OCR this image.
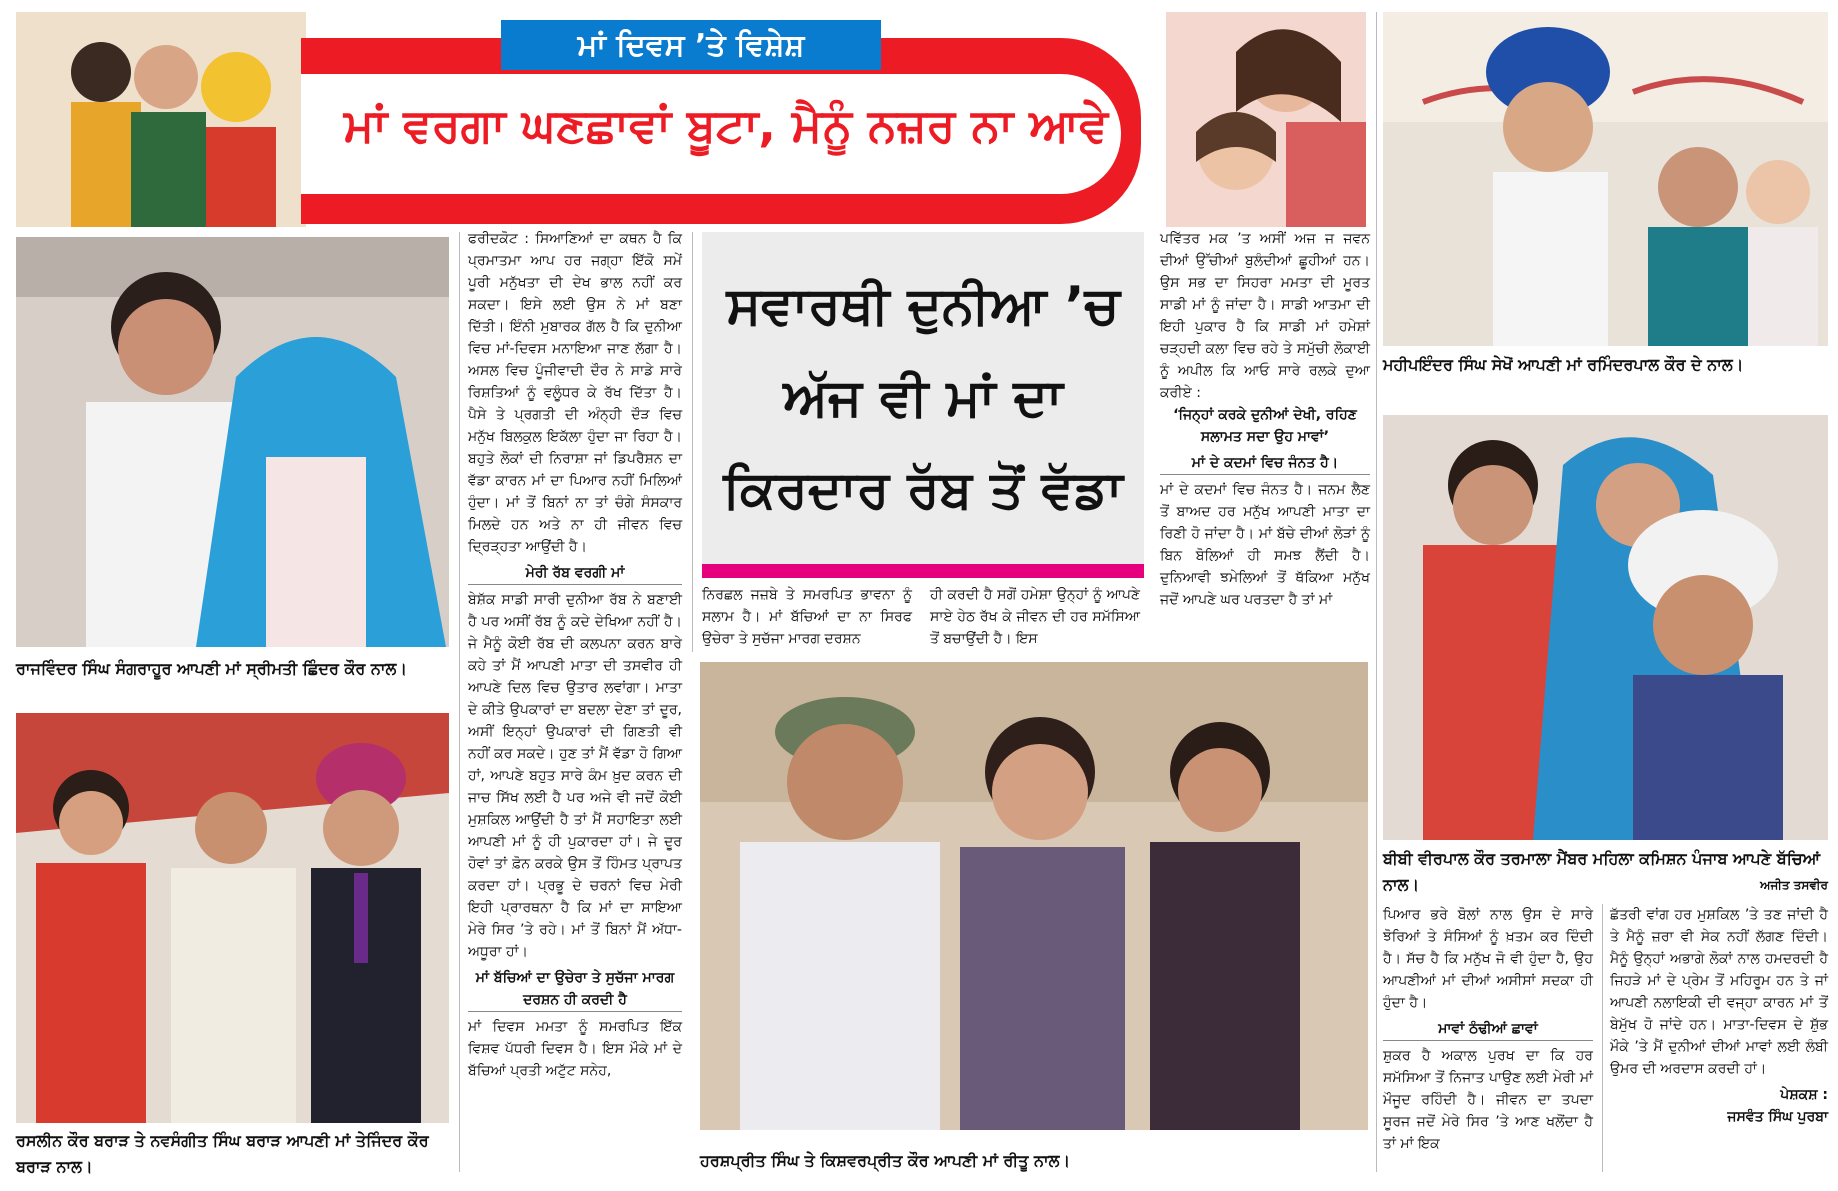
ਮਾਂ ਦਿਵਸ ’ਤੇ ਵਿਸ਼ੇਸ਼
ਮਾਂ ਵਰਗਾ ਘਣਛਾਵਾਂ ਬੂਟਾ, ਮੈਨੂੰ ਨਜ਼ਰ ਨਾ ਆਵੇ
ਮਹੀਪਇੰਦਰ ਸਿੰਘ ਸੇਖੋਂ ਆਪਣੀ ਮਾਂ ਰਮਿੰਦਰਪਾਲ ਕੌਰ ਦੇ ਨਾਲ।
ਰਾਜਵਿੰਦਰ ਸਿੰਘ ਸੰਗਰਾਹੂਰ ਆਪਣੀ ਮਾਂ ਸ੍ਰੀਮਤੀ ਛਿੰਦਰ ਕੌਰ ਨਾਲ।
ਰਸਲੀਨ ਕੌਰ ਬਰਾੜ ਤੇ ਨਵਸੰਗੀਤ ਸਿੰਘ ਬਰਾੜ ਆਪਣੀ ਮਾਂ ਤੇਜਿੰਦਰ ਕੌਰ ਬਰਾੜ ਨਾਲ।

ਫਰੀਦਕੋਟ : ਸਿਆਣਿਆਂ ਦਾ ਕਥਨ ਹੈ ਕਿ ਪ੍ਰਮਾਤਮਾ ਆਪ ਹਰ ਜਗ੍ਹਾ ਇੱਕੋ ਸਮੇਂ ਪੂਰੀ ਮਨੁੱਖਤਾ ਦੀ ਦੇਖ ਭਾਲ ਨਹੀਂ ਕਰ ਸਕਦਾ। ਇਸੇ ਲਈ ਉਸ ਨੇ ਮਾਂ ਬਣਾ ਦਿੱਤੀ। ਇੰਨੀ ਮੁਬਾਰਕ ਗੱਲ ਹੈ ਕਿ ਦੁਨੀਆ ਵਿਚ ਮਾਂ-ਦਿਵਸ ਮਨਾਇਆ ਜਾਣ ਲੱਗਾ ਹੈ। ਅਸਲ ਵਿਚ ਪੂੰਜੀਵਾਦੀ ਦੌਰ ਨੇ ਸਾਡੇ ਸਾਰੇ ਰਿਸ਼ਤਿਆਂ ਨੂੰ ਵਲੂੰਧਰ ਕੇ ਰੱਖ ਦਿੱਤਾ ਹੈ। ਪੈਸੇ ਤੇ ਪ੍ਰਗਤੀ ਦੀ ਅੰਨ੍ਹੀ ਦੌੜ ਵਿਚ ਮਨੁੱਖ ਬਿਲਕੁਲ ਇਕੱਲਾ ਹੁੰਦਾ ਜਾ ਰਿਹਾ ਹੈ। ਬਹੁਤੇ ਲੋਕਾਂ ਦੀ ਨਿਰਾਸ਼ਾ ਜਾਂ ਡਿਪਰੈਸ਼ਨ ਦਾ ਵੱਡਾ ਕਾਰਨ ਮਾਂ ਦਾ ਪਿਆਰ ਨਹੀਂ ਮਿਲਿਆਂ ਹੁੰਦਾ। ਮਾਂ ਤੋਂ ਬਿਨਾਂ ਨਾ ਤਾਂ ਚੰਗੇ ਸੰਸਕਾਰ ਮਿਲਦੇ ਹਨ ਅਤੇ ਨਾ ਹੀ ਜੀਵਨ ਵਿਚ ਦ੍ਰਿੜ੍ਹਤਾ ਆਉਂਦੀ ਹੈ।

ਮੇਰੀ ਰੱਬ ਵਰਗੀ ਮਾਂ

ਬੇਸ਼ੱਕ ਸਾਡੀ ਸਾਰੀ ਦੁਨੀਆ ਰੱਬ ਨੇ ਬਣਾਈ ਹੈ ਪਰ ਅਸੀਂ ਰੱਬ ਨੂੰ ਕਦੇ ਦੇਖਿਆ ਨਹੀਂ ਹੈ। ਜੇ ਮੈਨੂੰ ਕੋਈ ਰੱਬ ਦੀ ਕਲਪਨਾ ਕਰਨ ਬਾਰੇ ਕਹੇ ਤਾਂ ਮੈਂ ਆਪਣੀ ਮਾਤਾ ਦੀ ਤਸਵੀਰ ਹੀ ਆਪਣੇ ਦਿਲ ਵਿਚ ਉਤਾਰ ਲਵਾਂਗਾ। ਮਾਤਾ ਦੇ ਕੀਤੇ ਉਪਕਾਰਾਂ ਦਾ ਬਦਲਾ ਦੇਣਾ ਤਾਂ ਦੂਰ, ਅਸੀਂ ਇਨ੍ਹਾਂ ਉਪਕਾਰਾਂ ਦੀ ਗਿਣਤੀ ਵੀ ਨਹੀਂ ਕਰ ਸਕਦੇ। ਹੁਣ ਤਾਂ ਮੈਂ ਵੱਡਾ ਹੋ ਗਿਆ ਹਾਂ, ਆਪਣੇ ਬਹੁਤ ਸਾਰੇ ਕੰਮ ਖ਼ੁਦ ਕਰਨ ਦੀ ਜਾਚ ਸਿੱਖ ਲਈ ਹੈ ਪਰ ਅਜੇ ਵੀ ਜਦੋਂ ਕੋਈ ਮੁਸ਼ਕਿਲ ਆਉਂਦੀ ਹੈ ਤਾਂ ਮੈਂ ਸਹਾਇਤਾ ਲਈ ਆਪਣੀ ਮਾਂ ਨੂੰ ਹੀ ਪੁਕਾਰਦਾ ਹਾਂ। ਜੇ ਦੂਰ ਹੋਵਾਂ ਤਾਂ ਫ਼ੋਨ ਕਰਕੇ ਉਸ ਤੋਂ ਹਿੰਮਤ ਪ੍ਰਾਪਤ ਕਰਦਾ ਹਾਂ। ਪ੍ਰਭੂ ਦੇ ਚਰਨਾਂ ਵਿਚ ਮੇਰੀ ਇਹੀ ਪ੍ਰਾਰਥਨਾ ਹੈ ਕਿ ਮਾਂ ਦਾ ਸਾਇਆ ਮੇਰੇ ਸਿਰ ’ਤੇ ਰਹੇ। ਮਾਂ ਤੋਂ ਬਿਨਾਂ ਮੈਂ ਅੱਧਾ-ਅਧੂਰਾ ਹਾਂ।

ਮਾਂ ਬੱਚਿਆਂ ਦਾ ਉਚੇਰਾ ਤੇ ਸੁਚੱਜਾ ਮਾਰਗ ਦਰਸ਼ਨ ਹੀ ਕਰਦੀ ਹੈ

ਮਾਂ ਦਿਵਸ ਮਮਤਾ ਨੂੰ ਸਮਰਪਿਤ ਇੱਕ ਵਿਸ਼ਵ ਪੱਧਰੀ ਦਿਵਸ ਹੈ। ਇਸ ਮੌਕੇ ਮਾਂ ਦੇ ਬੱਚਿਆਂ ਪ੍ਰਤੀ ਅਟੁੱਟ ਸਨੇਹ,

ਸਵਾਰਥੀ ਦੁਨੀਆ ’ਚ
ਅੱਜ ਵੀ ਮਾਂ ਦਾ
ਕਿਰਦਾਰ ਰੱਬ ਤੋਂ ਵੱਡਾ
ਨਿਰਛਲ ਜਜ਼ਬੇ ਤੇ ਸਮਰਪਿਤ ਭਾਵਨਾ ਨੂੰ ਸਲਾਮ ਹੈ। ਮਾਂ ਬੱਚਿਆਂ ਦਾ ਨਾ ਸਿਰਫ ਉਚੇਰਾ ਤੇ ਸੁਚੱਜਾ ਮਾਰਗ ਦਰਸ਼ਨ
ਹੀ ਕਰਦੀ ਹੈ ਸਗੋਂ ਹਮੇਸ਼ਾ ਉਨ੍ਹਾਂ ਨੂੰ ਆਪਣੇ ਸਾਏ ਹੇਠ ਰੱਖ ਕੇ ਜੀਵਨ ਦੀ ਹਰ ਸਮੱਸਿਆ ਤੋਂ ਬਚਾਉਂਦੀ ਹੈ। ਇਸ

ਪਵਿੱਤਰ ਮਕ ’ਤ ਅਸੀਂ ਅਜ ਜ ਜਵਨ ਦੀਆਂ ਉੱਚੀਆਂ ਬੁਲੰਦੀਆਂ ਛੂਹੀਆਂ ਹਨ। ਉਸ ਸਭ ਦਾ ਸਿਹਰਾ ਮਮਤਾ ਦੀ ਮੂਰਤ ਸਾਡੀ ਮਾਂ ਨੂੰ ਜਾਂਦਾ ਹੈ। ਸਾਡੀ ਆਤਮਾ ਦੀ ਇਹੀ ਪੁਕਾਰ ਹੈ ਕਿ ਸਾਡੀ ਮਾਂ ਹਮੇਸ਼ਾਂ ਚੜ੍ਹਦੀ ਕਲਾ ਵਿਚ ਰਹੇ ਤੇ ਸਮੁੱਚੀ ਲੋਕਾਈ ਨੂੰ ਅਪੀਲ ਕਿ ਆਓ ਸਾਰੇ ਰਲਕੇ ਦੁਆ ਕਰੀਏ :

‘ਜਿਨ੍ਹਾਂ ਕਰਕੇ ਦੁਨੀਆਂ ਦੇਖੀ, ਰਹਿਣ ਸਲਾਮਤ ਸਦਾ ਉਹ ਮਾਵਾਂ’

ਮਾਂ ਦੇ ਕਦਮਾਂ ਵਿਚ ਜੰਨਤ ਹੈ।

ਮਾਂ ਦੇ ਕਦਮਾਂ ਵਿਚ ਜੰਨਤ ਹੈ। ਜਨਮ ਲੈਣ ਤੋਂ ਬਾਅਦ ਹਰ ਮਨੁੱਖ ਆਪਣੀ ਮਾਤਾ ਦਾ ਰਿਣੀ ਹੋ ਜਾਂਦਾ ਹੈ। ਮਾਂ ਬੱਚੇ ਦੀਆਂ ਲੋੜਾਂ ਨੂੰ ਬਿਨ ਬੋਲਿਆਂ ਹੀ ਸਮਝ ਲੈਂਦੀ ਹੈ। ਦੁਨਿਆਵੀ ਝਮੇਲਿਆਂ ਤੋਂ ਥੱਕਿਆ ਮਨੁੱਖ ਜਦੋਂ ਆਪਣੇ ਘਰ ਪਰਤਦਾ ਹੈ ਤਾਂ ਮਾਂ

ਹਰਸ਼ਪ੍ਰੀਤ ਸਿੰਘ ਤੇ ਕਿਸ਼ਵਰਪ੍ਰੀਤ ਕੌਰ ਆਪਣੀ ਮਾਂ ਰੀਤੂ ਨਾਲ।
ਬੀਬੀ ਵੀਰਪਾਲ ਕੌਰ ਤਰਮਾਲਾ ਮੈਂਬਰ ਮਹਿਲਾ ਕਮਿਸ਼ਨ ਪੰਜਾਬ ਆਪਣੇ ਬੱਚਿਆਂ ਨਾਲ।	ਅਜੀਤ ਤਸਵੀਰ

ਪਿਆਰ ਭਰੇ ਬੋਲਾਂ ਨਾਲ ਉਸ ਦੇ ਸਾਰੇ ਝੋਰਿਆਂ ਤੇ ਸੰਸਿਆਂ ਨੂੰ ਖ਼ਤਮ ਕਰ ਦਿੰਦੀ ਹੈ। ਸੱਚ ਹੈ ਕਿ ਮਨੁੱਖ ਜੋ ਵੀ ਹੁੰਦਾ ਹੈ, ਉਹ ਆਪਣੀਆਂ ਮਾਂ ਦੀਆਂ ਅਸੀਸਾਂ ਸਦਕਾ ਹੀ ਹੁੰਦਾ ਹੈ।

ਮਾਵਾਂ ਠੰਢੀਆਂ ਛਾਵਾਂ

ਸ਼ੁਕਰ ਹੈ ਅਕਾਲ ਪੁਰਖ ਦਾ ਕਿ ਹਰ ਸਮੱਸਿਆ ਤੋਂ ਨਿਜਾਤ ਪਾਉਣ ਲਈ ਮੇਰੀ ਮਾਂ ਮੌਜੂਦ ਰਹਿੰਦੀ ਹੈ। ਜੀਵਨ ਦਾ ਤਪਦਾ ਸੂਰਜ ਜਦੋਂ ਮੇਰੇ ਸਿਰ ’ਤੇ ਆਣ ਖਲੋਂਦਾ ਹੈ ਤਾਂ ਮਾਂ ਇਕ

ਛੱਤਰੀ ਵਾਂਗ ਹਰ ਮੁਸ਼ਕਿਲ ’ਤੇ ਤਣ ਜਾਂਦੀ ਹੈ ਤੇ ਮੈਨੂੰ ਜ਼ਰਾ ਵੀ ਸੇਕ ਨਹੀਂ ਲੱਗਣ ਦਿੰਦੀ। ਮੈਨੂੰ ਉਨ੍ਹਾਂ ਅਭਾਗੇ ਲੋਕਾਂ ਨਾਲ ਹਮਦਰਦੀ ਹੈ ਜਿਹੜੇ ਮਾਂ ਦੇ ਪ੍ਰੇਮ ਤੋਂ ਮਹਿਰੂਮ ਹਨ ਤੇ ਜਾਂ ਆਪਣੀ ਨਲਾਇਕੀ ਦੀ ਵਜ੍ਹਾ ਕਾਰਨ ਮਾਂ ਤੋਂ ਬੇਮੁੱਖ ਹੋ ਜਾਂਦੇ ਹਨ। ਮਾਤਾ-ਦਿਵਸ ਦੇ ਸ਼ੁੱਭ ਮੌਕੇ ’ਤੇ ਮੈਂ ਦੁਨੀਆਂ ਦੀਆਂ ਮਾਵਾਂ ਲਈ ਲੰਬੀ ਉਮਰ ਦੀ ਅਰਦਾਸ ਕਰਦੀ ਹਾਂ।

ਪੇਸ਼ਕਸ਼ :
ਜਸਵੰਤ ਸਿੰਘ ਪੁਰਬਾ
